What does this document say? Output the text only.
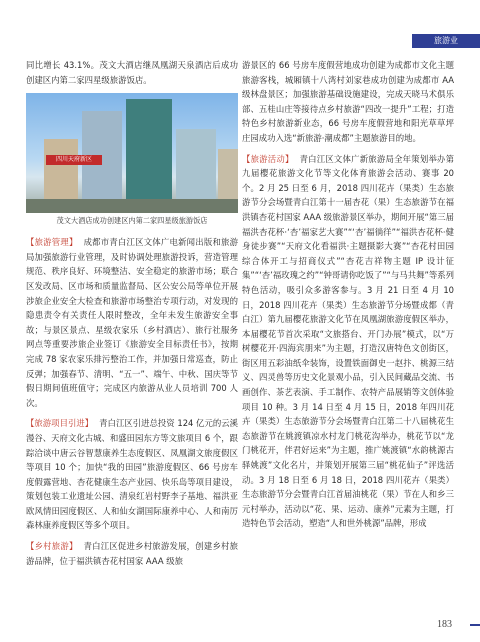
旅游业

同比增长 43.1%。茂文大酒店继凤凰湖天泉酒店后成功创建区内第二家四星级旅游饭店。

四川天府新区

茂文大酒店成功创建区内第二家四星级旅游饭店

【旅游管理】 成都市青白江区文体广电新闻出版和旅游局加强旅游行业管理，及时协调处理旅游投诉，营造管理规范、秩序良好、环境整洁、安全稳定的旅游市场；联合区发改局、区市场和质量监督局、区公安公局等单位开展涉旅企业安全大检查和旅游市场整治专项行动，对发现的隐患责令有关责任人限时整改，全年未发生旅游安全事故；与景区景点、星级农家乐（乡村酒店）、旅行社服务网点等重要涉旅企业签订《旅游安全目标责任书》，按期完成 78 家农家乐排污整治工作，并加强日常巡查，防止反弹；加强春节、清明、“五一”、端午、中秋、国庆等节假日期间值班值守；完成区内旅游从业人员培训 700 人次。

【旅游项目引进】 青白江区引进总投资 124 亿元的云溪漫谷、天府文化古城、和盛田园东方等文旅项目 6 个，跟踪洽谈中唐云谷智慧康养生态度假区、凤凰湖文旅度假区等项目 10 个；加快“我的田园”旅游度假区、66 号房车度假露营地、杏花健康生态产业园、快乐岛等项目建设，策划包装工业遗址公园、清泉红岩村野李子基地、福洪亚欧风情田园度假区、人和仙女湖国际康养中心、人和南厉森林康养度假区等多个项目。

【乡村旅游】 青白江区促进乡村旅游发展，创建乡村旅游品牌，位于福洪镇杏花村国家 AAA 级旅

游景区的 66 号房车度假营地成功创建为成都市文化主题旅游客栈，城厢镇十八湾村刘家巷成功创建为成都市 AA 级林盘景区；加强旅游基础设施建设，完成天晓马术俱乐部、五桂山庄等接待点乡村旅游“四改一提升”工程；打造特色乡村旅游新业态，66 号房车度假营地和阳光草草坪庄园成功入选“新旅游·潮成都”主题旅游目的地。

【旅游活动】 青白江区文体广新旅游局全年策划举办第九届樱花旅游文化节等文化体育旅游会活动、赛事 20 个。2 月 25 日至 6 月，2018 四川花卉（果类）生态旅游节分会场暨青白江第十一届杏花（果）生态旅游节在福洪镇杏花村国家 AAA 级旅游景区举办，期间开展“第三届福洪杏花杯·‘杏’福家艺大赛”“‘杏’福徜徉”“福洪杏花杯·健身徒步赛”“天府文化看福洪·主题摄影大赛”“杏花村田园综合体开工与招商仪式”“杏花吉祥物主题 IP 设计征集”“‘杏’福玫瑰之约”“钟哥请你吃饭了”“与马共舞”等系列特色活动，吸引众多游客参与。3 月 21 日至 4 月 10 日，2018 四川花卉（果类）生态旅游节分场暨成都（青白江）第九届樱花旅游文化节在凤凰湖旅游度假区举办，本届樱花节首次采取“文旅搭台、开门办展”模式，以“万树樱花开·四海宾朋来”为主题，打造汉唐特色文创街区，街区用五彩油纸伞装饰，设置铁面御史一赵抃、桃源三结义、四灵兽等历史文化景观小品，引入民间藏品交流、书画创作、茶艺表演、手工制作、农特产品展销等文创体验项目 10 种。3 月 14 日至 4 月 15 日，2018 年四川花卉（果类）生态旅游节分会场暨青白江第二十八届桃花生态旅游节在姚渡镇凉水村龙门桃花沟举办，桃花节以“龙门桃花开，伴君好运来”为主题，推广姚渡镇“水韵桃源古驿姚渡”文化名片，并策划开展第三届“桃花仙子”评选活动。3 月 18 日至 6 月 18 日，2018 四川花卉（果类）生态旅游节分会暨青白江首届油桃花（果）节在人和乡三元村举办，活动以“花、果、运动、康养”元素为主题，打造特色节会活动，塑造“人和世外桃源”品牌，形成

183
